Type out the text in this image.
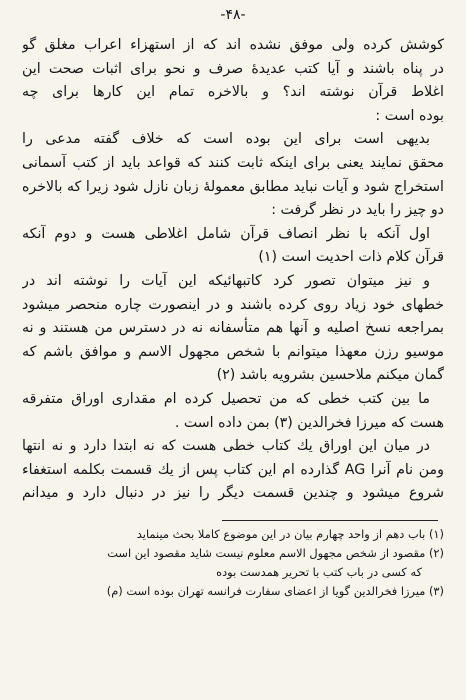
-۴۸-
کوشش کرده ولی موفق نشده اند که از استهزاء اعراب مغلق گو
در پناه باشند و آیا کتب عدیدهٔ صرف و نحو برای اثبات صحت این
اغلاط قرآن نوشته اند؟ و بالاخره تمام این کارها برای چه
بوده است :
بدیهی است برای این بوده است که خلاف گفته مدعی را
محقق نمایند یعنی برای اینکه ثابت کنند که قواعد باید از کتب آسمانی
استخراج شود و آیات نباید مطابق معمولهٔ زبان نازل شود زیرا که بالاخره
دو چیز را باید در نظر گرفت :
اول آنکه با نظر انصاف قرآن شامل اغلاطی هست و دوم آنکه
قرآن کلام ذات احدیت است (۱)
و نیز میتوان تصور کرد کاتبهائیکه این آیات را نوشته اند در
خطهای خود زیاد روی کرده باشند و در اینصورت چاره منحصر میشود
بمراجعه نسخ اصلیه و آنها هم متأسفانه نه در دسترس من هستند و نه
موسیو رزن معهذا میتوانم با شخص مجهول الاسم و موافق باشم که
گمان میکنم ملاحسین بشرویه باشد (۲)
ما بین کتب خطی که من تحصیل کرده ام مقداری اوراق متفرقه
هست که میرزا فخرالدین (۳) بمن داده است .
در میان این اوراق یك کتاب خطی هست که نه ابتدا دارد و نه انتها
ومن نام آنرا AG گذارده ام این کتاب پس از یك قسمت بکلمه استغفاء
شروع میشود و چندین قسمت دیگر را نیز در دنبال دارد و میدانم
(۱) باب دهم از واحد چهارم بیان در این موضوع کاملا بحث مینماید
(۲) مقصود از شخص مجهول الاسم معلوم نیست شاید مقصود این است
که کسی در باب کتب با تحریر همدست بوده
(۳) میرزا فخرالدین گویا از اعضای سفارت فرانسه تهران بوده است (م)
